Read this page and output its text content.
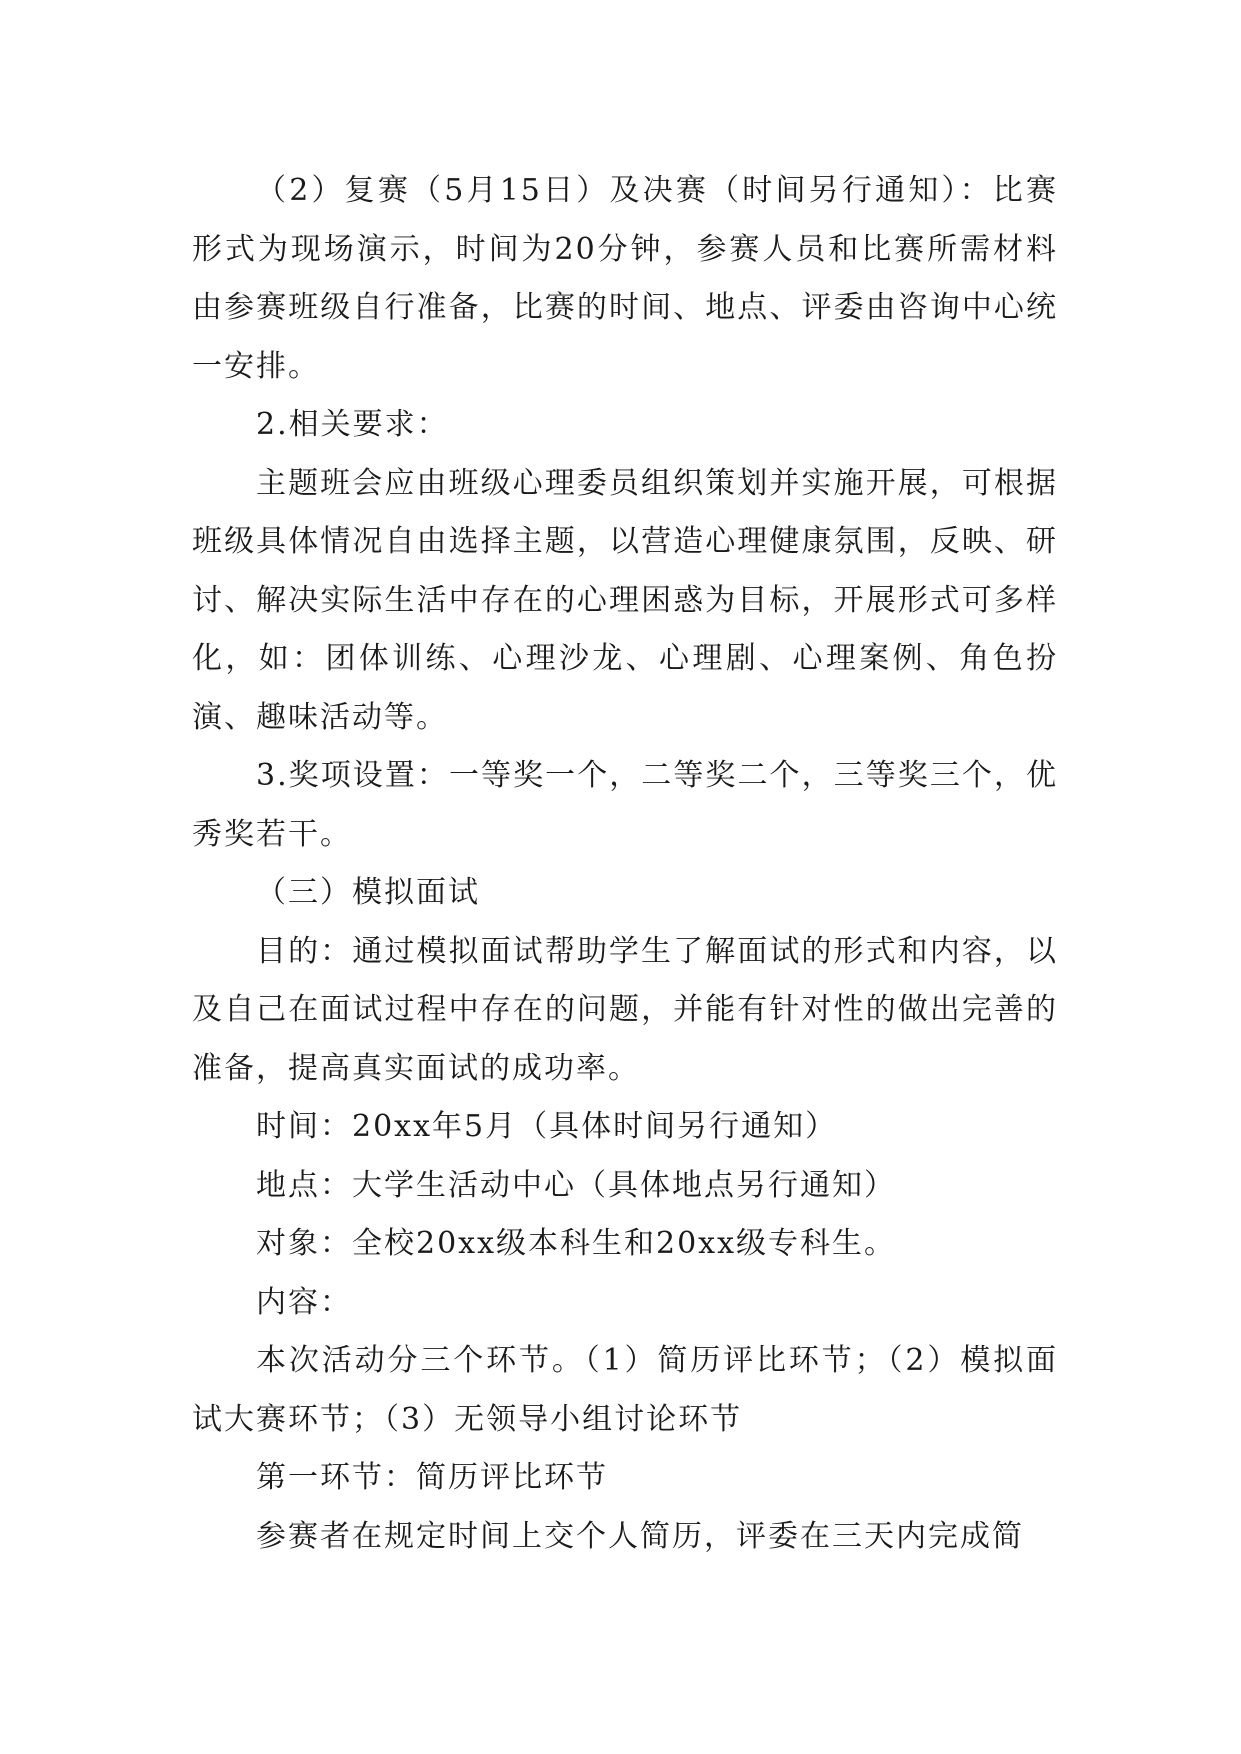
（2）复赛（5月15日）及决赛（时间另行通知）：比赛形式为现场演示，时间为20分钟，参赛人员和比赛所需材料由参赛班级自行准备，比赛的时间、地点、评委由咨询中心统一安排。

2.相关要求：

主题班会应由班级心理委员组织策划并实施开展，可根据班级具体情况自由选择主题，以营造心理健康氛围，反映、研讨、解决实际生活中存在的心理困惑为目标，开展形式可多样化，如：团体训练、心理沙龙、心理剧、心理案例、角色扮演、趣味活动等。

3.奖项设置：一等奖一个，二等奖二个，三等奖三个，优秀奖若干。

（三）模拟面试

目的：通过模拟面试帮助学生了解面试的形式和内容，以及自己在面试过程中存在的问题，并能有针对性的做出完善的准备，提高真实面试的成功率。

时间：20xx年5月（具体时间另行通知）

地点：大学生活动中心（具体地点另行通知）

对象：全校20xx级本科生和20xx级专科生。

内容：

本次活动分三个环节。（1）简历评比环节；（2）模拟面试大赛环节；（3）无领导小组讨论环节

第一环节：简历评比环节

参赛者在规定时间上交个人简历，评委在三天内完成简
